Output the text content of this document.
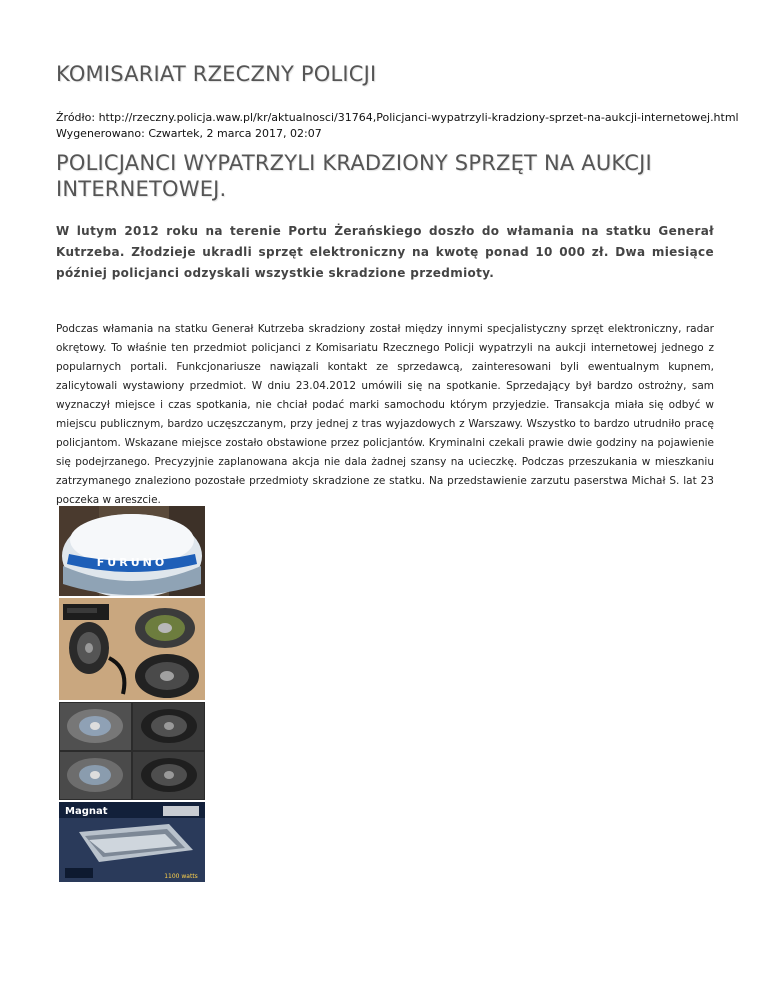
KOMISARIAT RZECZNY POLICJI
Źródło: http://rzeczny.policja.waw.pl/kr/aktualnosci/31764,Policjanci-wypatrzyli-kradziony-sprzet-na-aukcji-internetowej.html
Wygenerowano: Czwartek, 2 marca 2017, 02:07
POLICJANCI WYPATRZYLI KRADZIONY SPRZĘT NA AUKCJI INTERNETOWEJ.

W lutym 2012 roku na terenie Portu Żerańskiego doszło do włamania na statku Generał Kutrzeba. Złodzieje ukradli sprzęt elektroniczny na kwotę ponad 10 000 zł. Dwa miesiące później policjanci odzyskali wszystkie skradzione przedmioty.

Podczas włamania na statku Generał Kutrzeba skradziony został między innymi specjalistyczny sprzęt elektroniczny, radar okrętowy. To właśnie ten przedmiot policjanci z Komisariatu Rzecznego Policji wypatrzyli na aukcji internetowej jednego z popularnych portali. Funkcjonariusze nawiązali kontakt ze sprzedawcą, zainteresowani byli ewentualnym kupnem, zalicytowali wystawiony przedmiot. W dniu 23.04.2012 umówili się na spotkanie. Sprzedający był bardzo ostrożny, sam wyznaczył miejsce i czas spotkania, nie chciał podać marki samochodu którym przyjedzie. Transakcja miała się odbyć w miejscu publicznym, bardzo uczęszczanym, przy jednej z tras wyjazdowych z Warszawy. Wszystko to bardzo utrudniło pracę policjantom. Wskazane miejsce zostało obstawione przez policjantów. Kryminalni czekali prawie dwie godziny na pojawienie się podejrzanego. Precyzyjnie zaplanowana akcja nie dala żadnej szansy na ucieczkę. Podczas przeszukania w mieszkaniu zatrzymanego znaleziono pozostałe przedmioty skradzione ze statku. Na przedstawienie zarzutu paserstwa Michał S. lat 23 poczeka w areszcie.

FURUNO
Magnat
1100 watts
